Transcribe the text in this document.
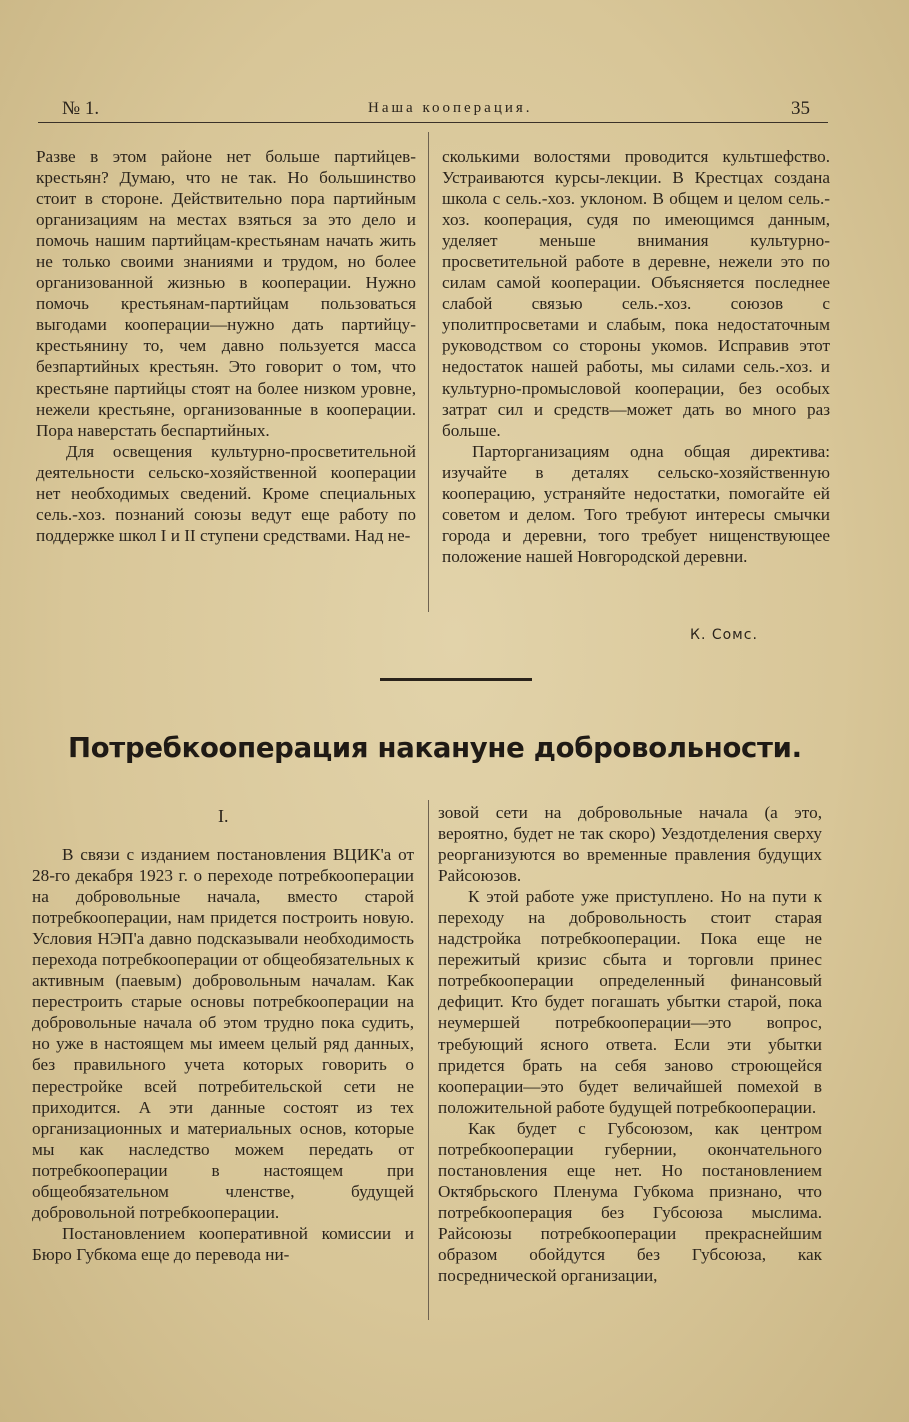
№ 1.	Наша кооперация.	35

Разве в этом районе нет больше партийцев-крестьян? Думаю, что не так. Но большинство стоит в стороне. Действительно пора партийным организациям на местах взяться за это дело и помочь нашим партийцам-крестьянам начать жить не только своими знаниями и трудом, но более организованной жизнью в кооперации. Нужно помочь крестьянам-партийцам пользоваться выгодами кооперации—нужно дать партийцу-крестьянину то, чем давно пользуется масса безпартийных крестьян. Это говорит о том, что крестьяне партийцы стоят на более низком уровне, нежели крестьяне, организованные в кооперации. Пора наверстать беспартийных.

Для освещения культурно-просветительной деятельности сельско-хозяйственной кооперации нет необходимых сведений. Кроме специальных сель.-хоз. познаний союзы ведут еще работу по поддержке школ I и II ступени средствами. Над не-

сколькими волостями проводится культшефство. Устраиваются курсы-лекции. В Крестцах создана школа с сель.-хоз. уклоном. В общем и целом сель.-хоз. кооперация, судя по имеющимся данным, уделяет меньше внимания культурно-просветительной работе в деревне, нежели это по силам самой кооперации. Объясняется последнее слабой связью сель.-хоз. союзов с уполитпросветами и слабым, пока недостаточным руководством со стороны укомов. Исправив этот недостаток нашей работы, мы силами сель.-хоз. и культурно-промысловой кооперации, без особых затрат сил и средств—может дать во много раз больше.

Парторганизациям одна общая директива: изучайте в деталях сельско-хозяйственную кооперацию, устраняйте недостатки, помогайте ей советом и делом. Того требуют интересы смычки города и деревни, того требует нищенствующее положение нашей Новгородской деревни.

К. Сомс.
Потребкооперация накануне добровольности.
I.

В связи с изданием постановления ВЦИК'а от 28-го декабря 1923 г. о переходе потребкооперации на добровольные начала, вместо старой потребкооперации, нам придется построить новую. Условия НЭП'а давно подсказывали необходимость перехода потребкооперации от общеобязательных к активным (паевым) добровольным началам. Как перестроить старые основы потребкооперации на добровольные начала об этом трудно пока судить, но уже в настоящем мы имеем целый ряд данных, без правильного учета которых говорить о перестройке всей потребительской сети не приходится. А эти данные состоят из тех организационных и материальных основ, которые мы как наследство можем передать от потребкооперации в настоящем при общеобязательном членстве, будущей добровольной потребкооперации.

Постановлением кооперативной комиссии и Бюро Губкома еще до перевода ни-

зовой сети на добровольные начала (а это, вероятно, будет не так скоро) Уездотделения сверху реорганизуются во временные правления будущих Райсоюзов.

К этой работе уже приступлено. Но на пути к переходу на добровольность стоит старая надстройка потребкооперации. Пока еще не пережитый кризис сбыта и торговли принес потребкооперации определенный финансовый дефицит. Кто будет погашать убытки старой, пока неумершей потребкооперации—это вопрос, требующий ясного ответа. Если эти убытки придется брать на себя заново строющейся кооперации—это будет величайшей помехой в положительной работе будущей потребкооперации.

Как будет с Губсоюзом, как центром потребкооперации губернии, окончательного постановления еще нет. Но постановлением Октябрьского Пленума Губкома признано, что потребкооперация без Губсоюза мыслима. Райсоюзы потребкооперации прекраснейшим образом обойдутся без Губсоюза, как посреднической организации,
